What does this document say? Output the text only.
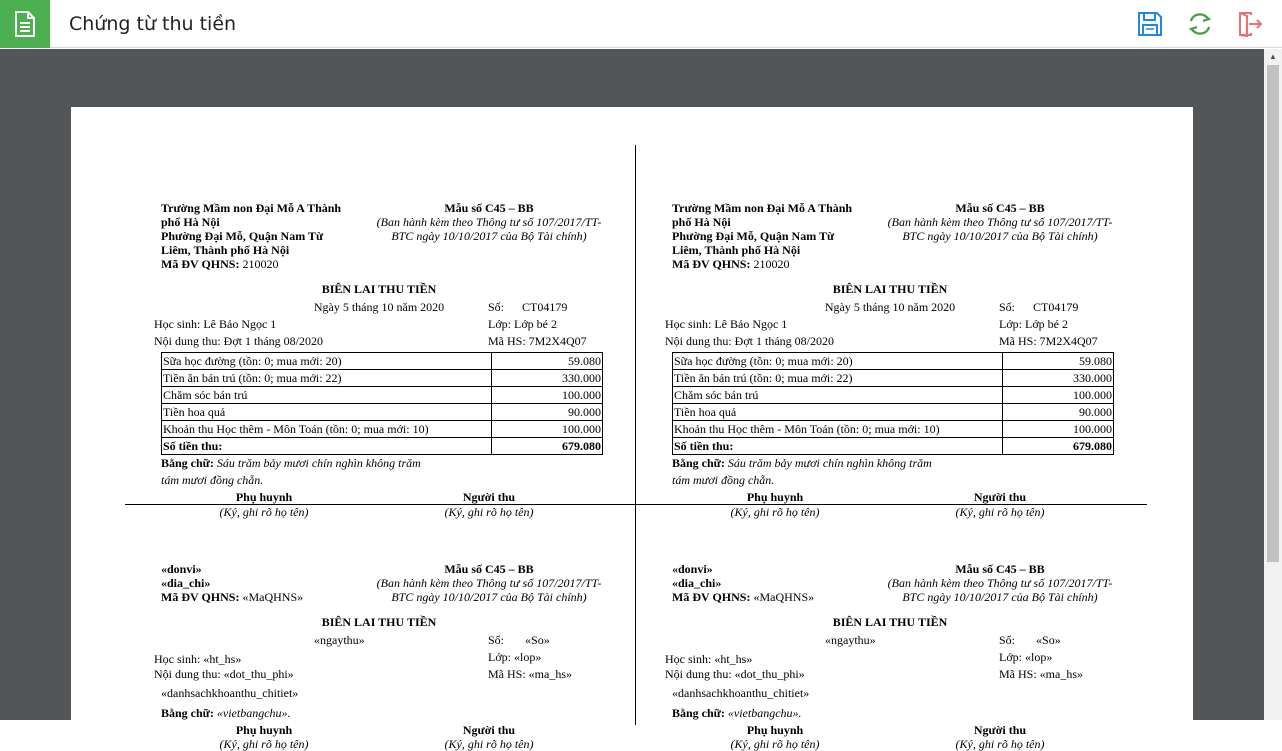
Chứng từ thu tiền
Trường Mầm non Đại Mỗ A Thành
phố Hà Nội
Phường Đại Mỗ, Quận Nam Từ
Liêm, Thành phố Hà Nội
Mã ĐV QHNS: 210020
Mẫu số C45 – BB
(Ban hành kèm theo Thông tư số 107/2017/TT-
BTC ngày 10/10/2017 của Bộ Tài chính)
BIÊN LAI THU TIỀN
Ngày 5 tháng 10 năm 2020	Số: CT04179
Học sinh: Lê Bảo Ngọc 1	Lớp: Lớp bé 2
Nội dung thu: Đợt 1 tháng 08/2020	Mã HS: 7M2X4Q07
Sữa học đường (tồn: 0; mua mới: 20)	59.080
Tiền ăn bán trú (tồn: 0; mua mới: 22)	330.000
Chăm sóc bán trú	100.000
Tiền hoa quả	90.000
Khoản thu Học thêm - Môn Toán (tồn: 0; mua mới: 10)	100.000
Số tiền thu:	679.080
Bằng chữ: Sáu trăm bảy mươi chín nghìn không trăm
tám mươi đồng chẵn.
Phụ huynh
(Ký, ghi rõ họ tên)
Người thu
(Ký, ghi rõ họ tên)
Trường Mầm non Đại Mỗ A Thành
phố Hà Nội
Phường Đại Mỗ, Quận Nam Từ
Liêm, Thành phố Hà Nội
Mã ĐV QHNS: 210020
Mẫu số C45 – BB
(Ban hành kèm theo Thông tư số 107/2017/TT-
BTC ngày 10/10/2017 của Bộ Tài chính)
BIÊN LAI THU TIỀN
Ngày 5 tháng 10 năm 2020	Số: CT04179
Học sinh: Lê Bảo Ngọc 1	Lớp: Lớp bé 2
Nội dung thu: Đợt 1 tháng 08/2020	Mã HS: 7M2X4Q07
Sữa học đường (tồn: 0; mua mới: 20)	59.080
Tiền ăn bán trú (tồn: 0; mua mới: 22)	330.000
Chăm sóc bán trú	100.000
Tiền hoa quả	90.000
Khoản thu Học thêm - Môn Toán (tồn: 0; mua mới: 10)	100.000
Số tiền thu:	679.080
Bằng chữ: Sáu trăm bảy mươi chín nghìn không trăm
tám mươi đồng chẵn.
Phụ huynh
(Ký, ghi rõ họ tên)
Người thu
(Ký, ghi rõ họ tên)
«donvi»
«dia_chi»
Mã ĐV QHNS: «MaQHNS»
Mẫu số C45 – BB
(Ban hành kèm theo Thông tư số 107/2017/TT-
BTC ngày 10/10/2017 của Bộ Tài chính)
BIÊN LAI THU TIỀN
«ngaythu»	Số: «So»
Học sinh: «ht_hs»	Lớp: «lop»
Nội dung thu: «dot_thu_phi»	Mã HS: «ma_hs»
«danhsachkhoanthu_chitiet»
Bằng chữ: «vietbangchu».
Phụ huynh
(Ký, ghi rõ họ tên)
Người thu
(Ký, ghi rõ họ tên)
«donvi»
«dia_chi»
Mã ĐV QHNS: «MaQHNS»
Mẫu số C45 – BB
(Ban hành kèm theo Thông tư số 107/2017/TT-
BTC ngày 10/10/2017 của Bộ Tài chính)
BIÊN LAI THU TIỀN
«ngaythu»	Số: «So»
Học sinh: «ht_hs»	Lớp: «lop»
Nội dung thu: «dot_thu_phi»	Mã HS: «ma_hs»
«danhsachkhoanthu_chitiet»
Bằng chữ: «vietbangchu».
Phụ huynh
(Ký, ghi rõ họ tên)
Người thu
(Ký, ghi rõ họ tên)
▲
